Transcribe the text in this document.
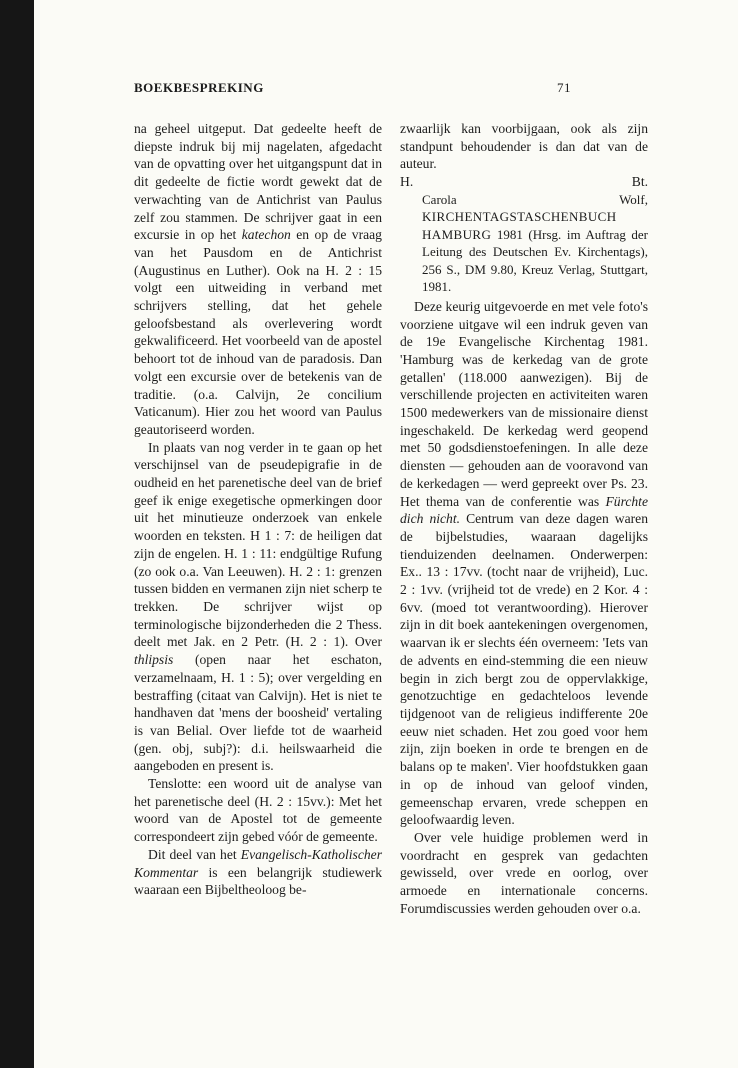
BOEKBESPREKING	71

na geheel uitgeput. Dat gedeelte heeft de diepste indruk bij mij nagelaten, afgedacht van de opvatting over het uitgangspunt dat in dit gedeelte de fictie wordt gewekt dat de verwachting van de Antichrist van Paulus zelf zou stammen. De schrijver gaat in een excursie in op het katechon en op de vraag van het Pausdom en de Antichrist (Augustinus en Luther). Ook na H. 2 : 15 volgt een uitweiding in verband met schrijvers stelling, dat het gehele geloofsbestand als overlevering wordt gekwalificeerd. Het voorbeeld van de apostel behoort tot de inhoud van de paradosis. Dan volgt een excursie over de betekenis van de traditie. (o.a. Calvijn, 2e concilium Vaticanum). Hier zou het woord van Paulus geautoriseerd worden.

In plaats van nog verder in te gaan op het verschijnsel van de pseudepigrafie in de oudheid en het parenetische deel van de brief geef ik enige exegetische opmerkingen door uit het minutieuze onderzoek van enkele woorden en teksten. H 1 : 7: de heiligen dat zijn de engelen. H. 1 : 11: endgültige Rufung (zo ook o.a. Van Leeuwen). H. 2 : 1: grenzen tussen bidden en vermanen zijn niet scherp te trekken. De schrijver wijst op terminologische bijzonderheden die 2 Thess. deelt met Jak. en 2 Petr. (H. 2 : 1). Over thlipsis (open naar het eschaton, verzamelnaam, H. 1 : 5); over vergelding en bestraffing (citaat van Calvijn). Het is niet te handhaven dat 'mens der boosheid' vertaling is van Belial. Over liefde tot de waarheid (gen. obj, subj?): d.i. heilswaarheid die aangeboden en present is.

Tenslotte: een woord uit de analyse van het parenetische deel (H. 2 : 15vv.): Met het woord van de Apostel tot de gemeente correspondeert zijn gebed vóór de gemeente.

Dit deel van het Evangelisch-Katholischer Kommentar is een belangrijk studiewerk waaraan een Bijbeltheoloog be-

zwaarlijk kan voorbijgaan, ook als zijn standpunt behoudender is dan dat van de auteur.

H.	Bt.

Carola Wolf, KIRCHENTAGSTASCHENBUCH HAMBURG 1981 (Hrsg. im Auftrag der Leitung des Deutschen Ev. Kirchentags), 256 S., DM 9.80, Kreuz Verlag, Stuttgart, 1981.

Deze keurig uitgevoerde en met vele foto's voorziene uitgave wil een indruk geven van de 19e Evangelische Kirchentag 1981. 'Hamburg was de kerkedag van de grote getallen' (118.000 aanwezigen). Bij de verschillende projecten en activiteiten waren 1500 medewerkers van de missionaire dienst ingeschakeld. De kerkedag werd geopend met 50 godsdienstoefeningen. In alle deze diensten — gehouden aan de vooravond van de kerkedagen — werd gepreekt over Ps. 23. Het thema van de conferentie was Fürchte dich nicht. Centrum van deze dagen waren de bijbelstudies, waaraan dagelijks tienduizenden deelnamen. Onderwerpen: Ex.. 13 : 17vv. (tocht naar de vrijheid), Luc. 2 : 1vv. (vrijheid tot de vrede) en 2 Kor. 4 : 6vv. (moed tot verantwoording). Hierover zijn in dit boek aantekeningen overgenomen, waarvan ik er slechts één overneem: 'Iets van de advents en eind-stemming die een nieuw begin in zich bergt zou de oppervlakkige, genotzuchtige en gedachteloos levende tijdgenoot van de religieus indifferente 20e eeuw niet schaden. Het zou goed voor hem zijn, zijn boeken in orde te brengen en de balans op te maken'. Vier hoofdstukken gaan in op de inhoud van geloof vinden, gemeenschap ervaren, vrede scheppen en geloofwaardig leven.

Over vele huidige problemen werd in voordracht en gesprek van gedachten gewisseld, over vrede en oorlog, over armoede en internationale concerns. Forumdiscussies werden gehouden over o.a.
